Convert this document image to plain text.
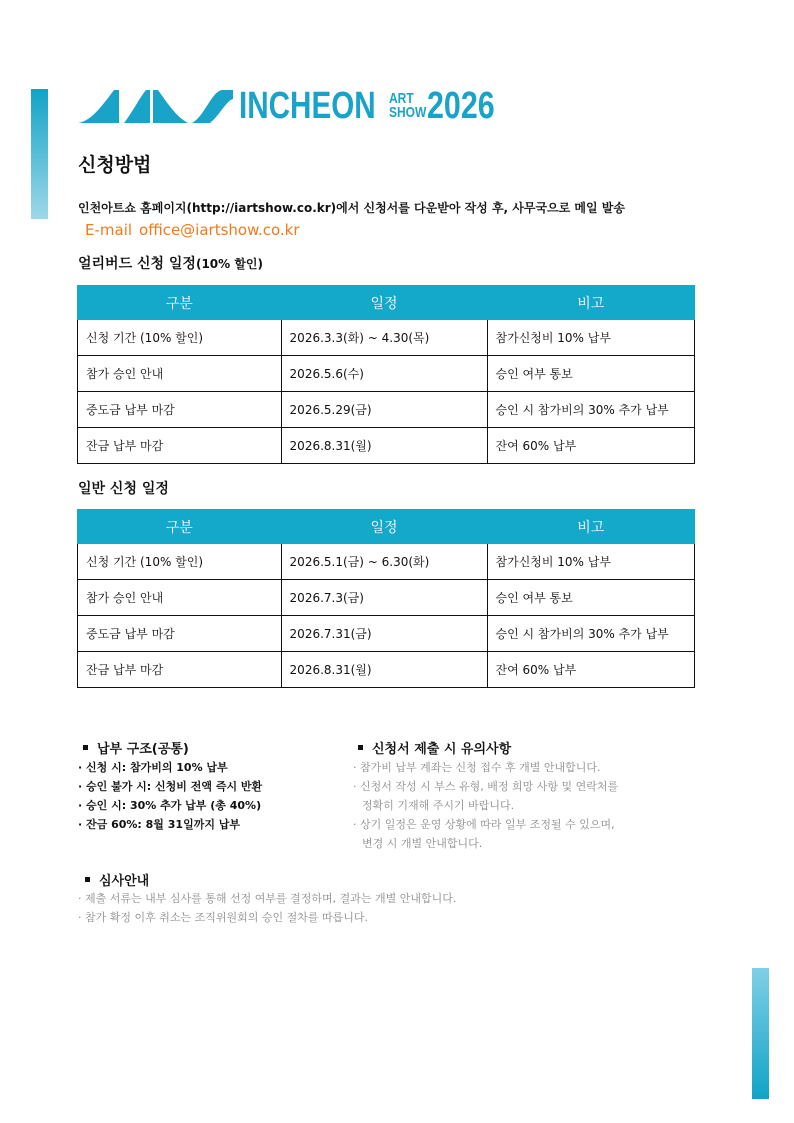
INCHEON ART
SHOW 2026
신청방법
인천아트쇼 홈페이지(http://iartshow.co.kr)에서 신청서를 다운받아 작성 후, 사무국으로 메일 발송
E-mail office@iartshow.co.kr
얼리버드 신청 일정(10% 할인)
구분	일정	비고
신청 기간 (10% 할인)	2026.3.3(화) ~ 4.30(목)	참가신청비 10% 납부
참가 승인 안내	2026.5.6(수)	승인 여부 통보
중도금 납부 마감	2026.5.29(금)	승인 시 참가비의 30% 추가 납부
잔금 납부 마감	2026.8.31(월)	잔여 60% 납부
일반 신청 일정
구분	일정	비고
신청 기간 (10% 할인)	2026.5.1(금) ~ 6.30(화)	참가신청비 10% 납부
참가 승인 안내	2026.7.3(금)	승인 여부 통보
중도금 납부 마감	2026.7.31(금)	승인 시 참가비의 30% 추가 납부
잔금 납부 마감	2026.8.31(월)	잔여 60% 납부
납부 구조(공통)
· 신청 시: 참가비의 10% 납부
· 승인 불가 시: 신청비 전액 즉시 반환
· 승인 시: 30% 추가 납부 (총 40%)
· 잔금 60%: 8월 31일까지 납부
신청서 제출 시 유의사항
· 참가비 납부 계좌는 신청 접수 후 개별 안내합니다.
· 신청서 작성 시 부스 유형, 배정 희망 사항 및 연락처를
정확히 기재해 주시기 바랍니다.
· 상기 일정은 운영 상황에 따라 일부 조정될 수 있으며,
변경 시 개별 안내합니다.
심사안내
· 제출 서류는 내부 심사를 통해 선정 여부를 결정하며, 결과는 개별 안내합니다.
· 참가 확정 이후 취소는 조직위원회의 승인 절차를 따릅니다.
